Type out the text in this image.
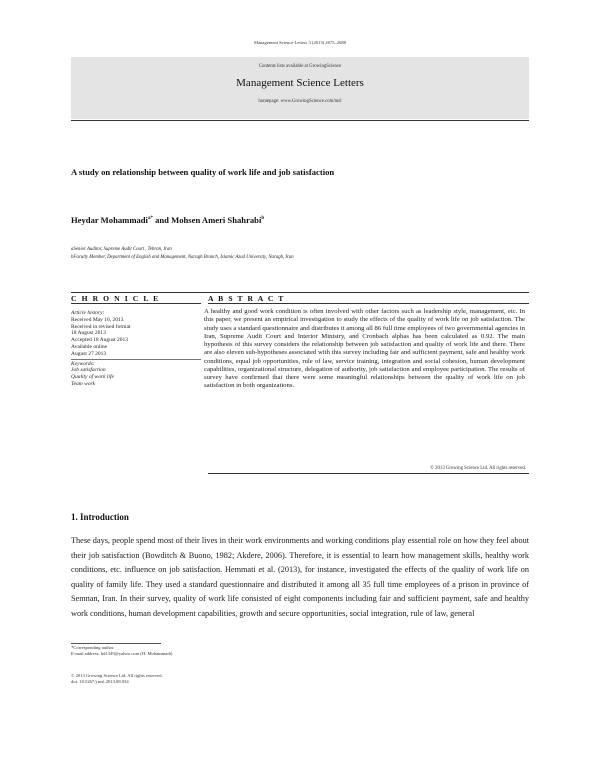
Management Science Letters 3 (2013) 2675–2688
Contents lists available at GrowingScience
Management Science Letters
homepage: www.GrowingScience.com/msl
A study on relationship between quality of work life and job satisfaction
Heydar Mohammadi$^{a*}$ and Mohsen Ameri Shahrabi$^b$
aSenior Auditor, Supreme Audit Court , Tehran, Iran
bFaculty Member, Department of English and Management, Naragh Branch, Islamic Azad University, Naragh, Iran
C H R O N I C L E	A B S T R A C T
Article history:
Received May 16, 2013
Received in revised format
18 August 2013
Accepted 18 August 2013
Available online
August 27 2013
Keywords:
Job satisfaction
Quality of work life
Team work
A healthy and good work condition is often involved with other factors such as leadership style, management, etc. In this paper, we present an empirical investigation to study the effects of the quality of work life on job satisfaction. The study uses a standard questionnaire and distributes it among all 86 full time employees of two governmental agencies in Iran, Supreme Audit Court and Interior Ministry, and Cronbach alphas has been calculated as 0.92. The main hypothesis of this survey considers the relationship between job satisfaction and quality of work life and there. There are also eleven sub-hypotheses associated with this survey including fair and sufficient payment, safe and healthy work conditions, equal job opportunities, rule of law, service training, integration and social cohesion, human development capabilities, organizational structure, delegation of authority, job satisfaction and employee participation. The results of survey have confirmed that there were some meaningful relationships between the quality of work life on job satisfaction in both organizations.
© 2013 Growing Science Ltd. All rights reserved.
1. Introduction
These days, people spend most of their lives in their work environments and working conditions play essential role on how they feel about their job satisfaction (Bowditch & Buono, 1982; Akdere, 2006). Therefore, it is essential to learn how management skills, healthy work conditions, etc. influence on job satisfaction. Hemmati et al. (2013), for instance, investigated the effects of the quality of work life on quality of family life. They used a standard questionnaire and distributed it among all 35 full time employees of a prison in province of Semnan, Iran. In their survey, quality of work life consisted of eight components including fair and sufficient payment, safe and healthy work conditions, human development capabilities, growth and secure opportunities, social integration, rule of law, general
*Corresponding author.
E-mail address: hd1349@yahoo.com (H. Mohammadi)
© 2013 Growing Science Ltd. All rights reserved.
doi: 10.5267/j.msl.2013.08.034
